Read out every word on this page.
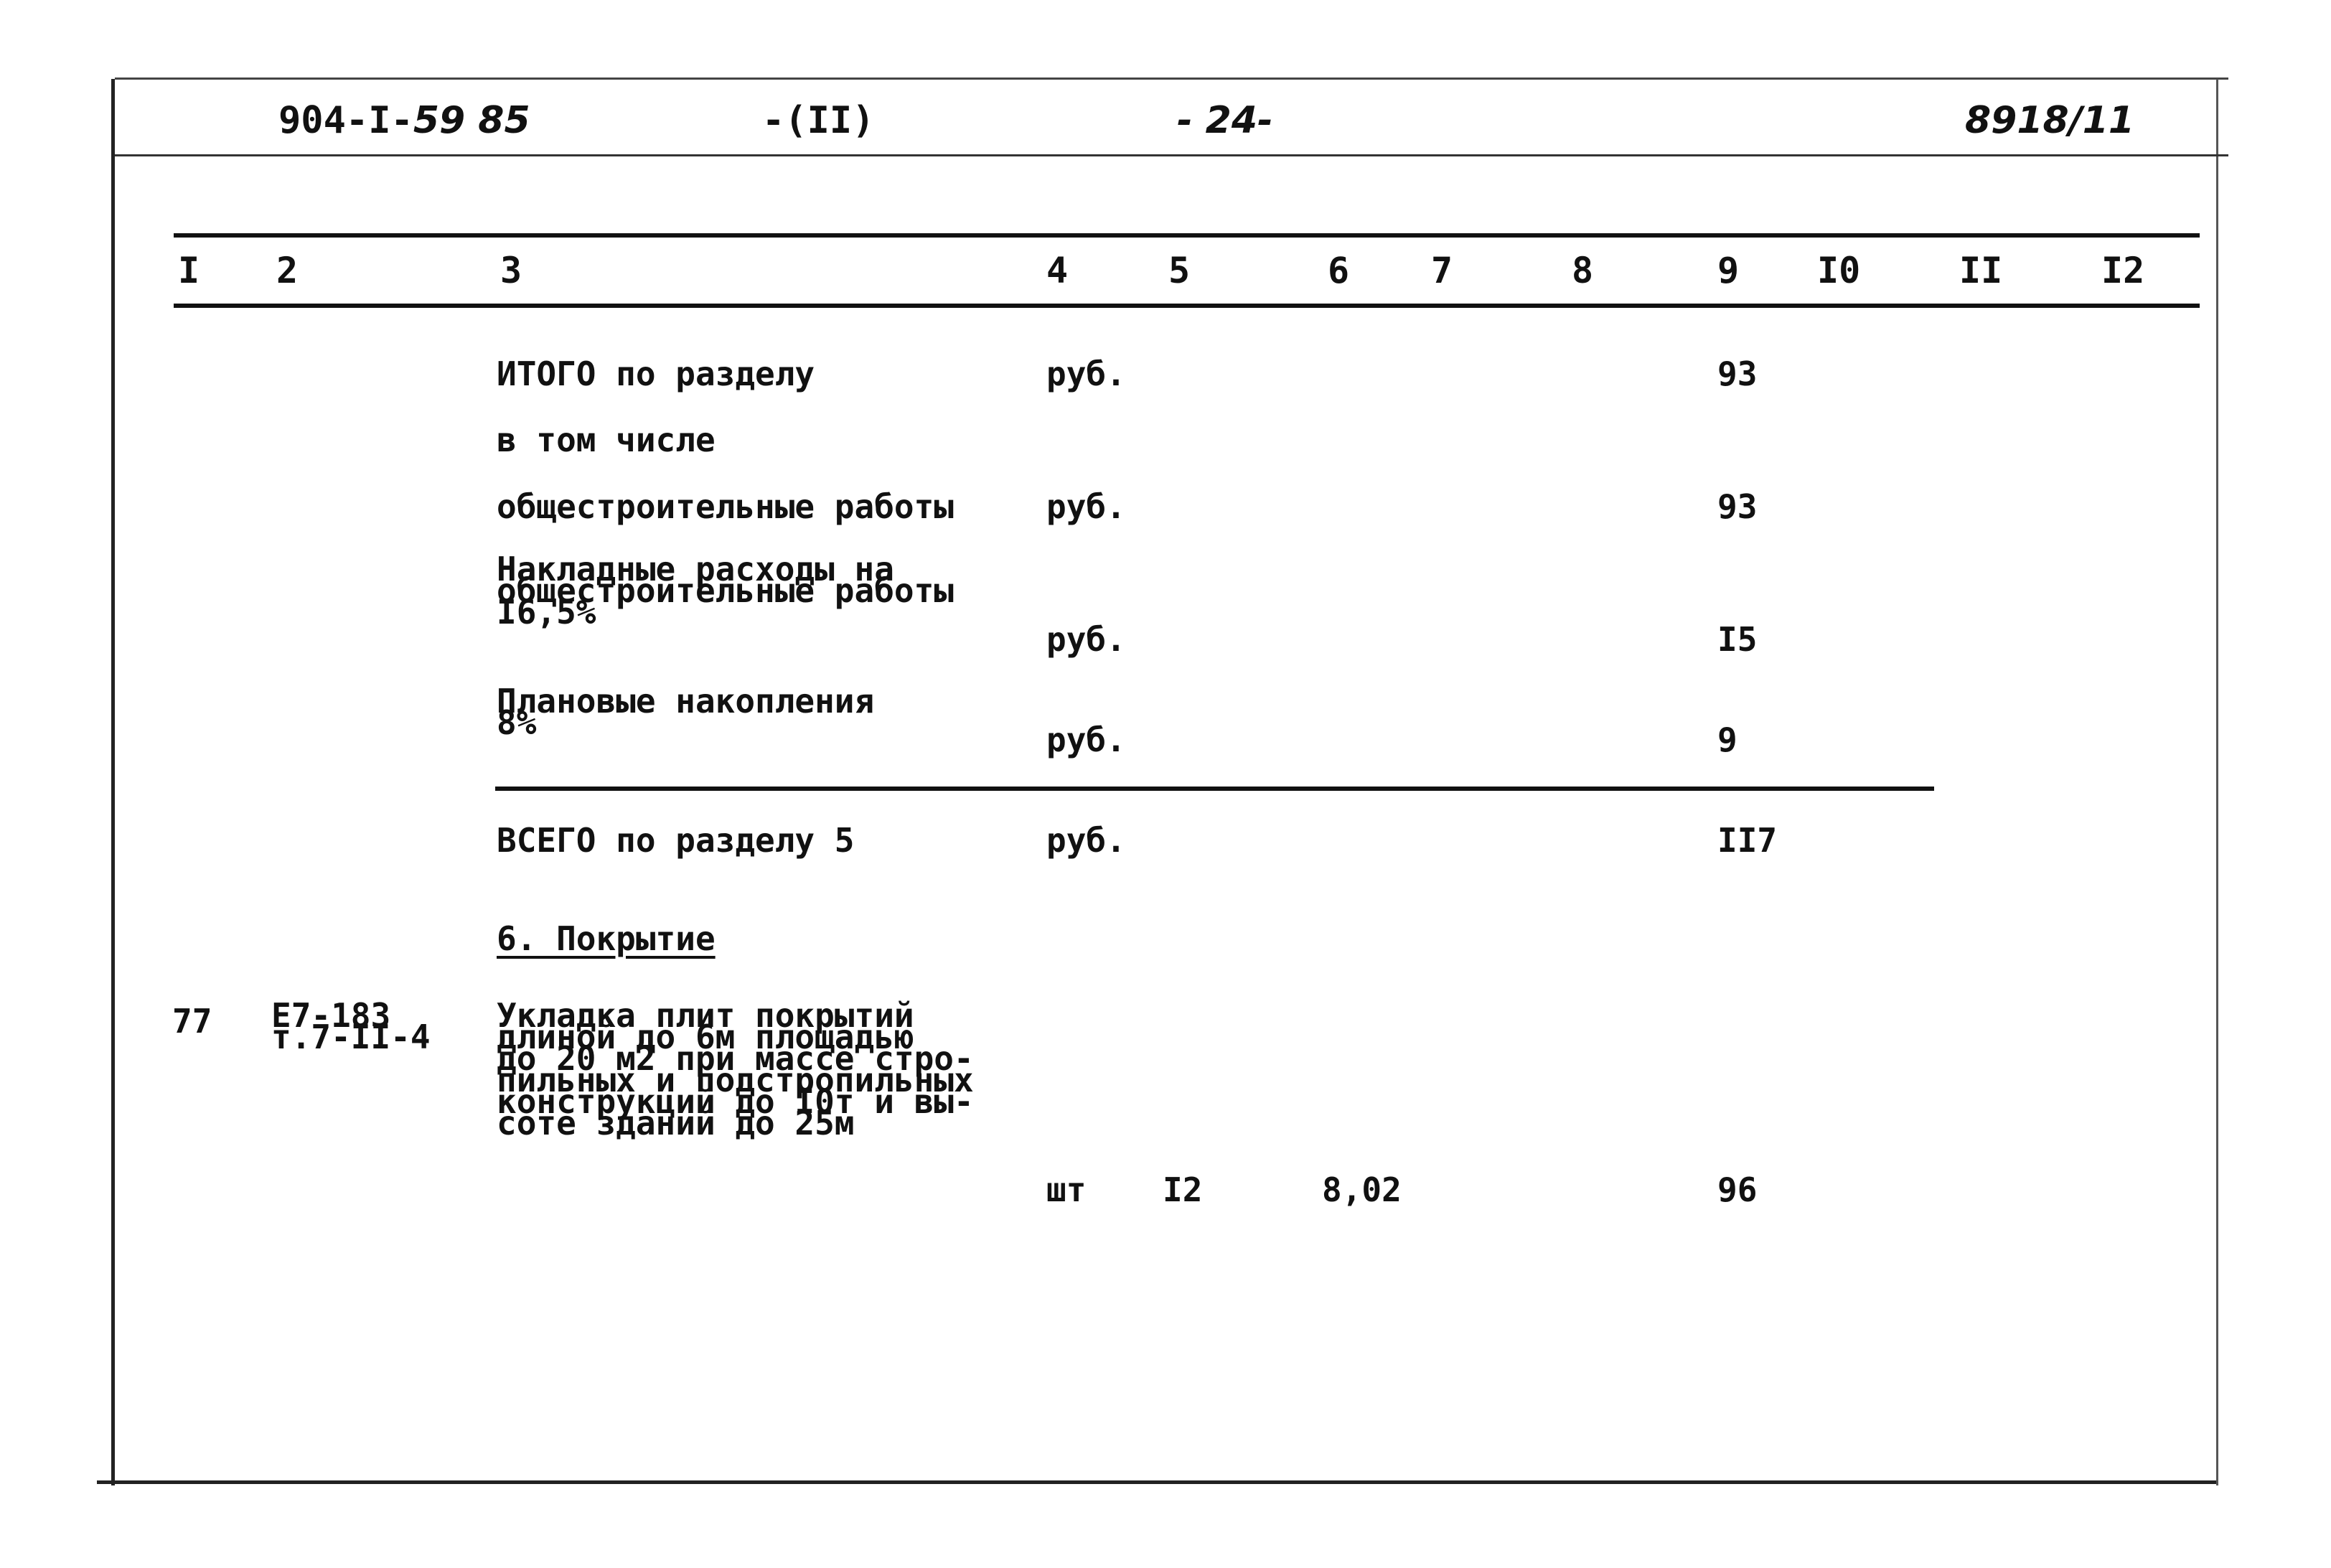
904-I-59 85	-(II)	- 24-	8918/11
I 2	3	4	5	6 7	8	9 I0	II	I2
ИТОГО по разделу	руб.	93
в том числе
общестроительные работы	руб.	93
Накладные расходы на
общестроительные работы
I6,5%
руб.	I5
Плановые накопления
8%	руб.	9
ВСЕГО по разделу 5	руб.	II7
6. Покрытие
77 Е7-183
т.7-II-4
Укладка плит покрытий
длиной до 6м площадью
до 20 м2 при массе стро-
пильных и подстропильных
конструкций до I0т и вы-
соте зданий до 25м
шт I2	8,02	96
